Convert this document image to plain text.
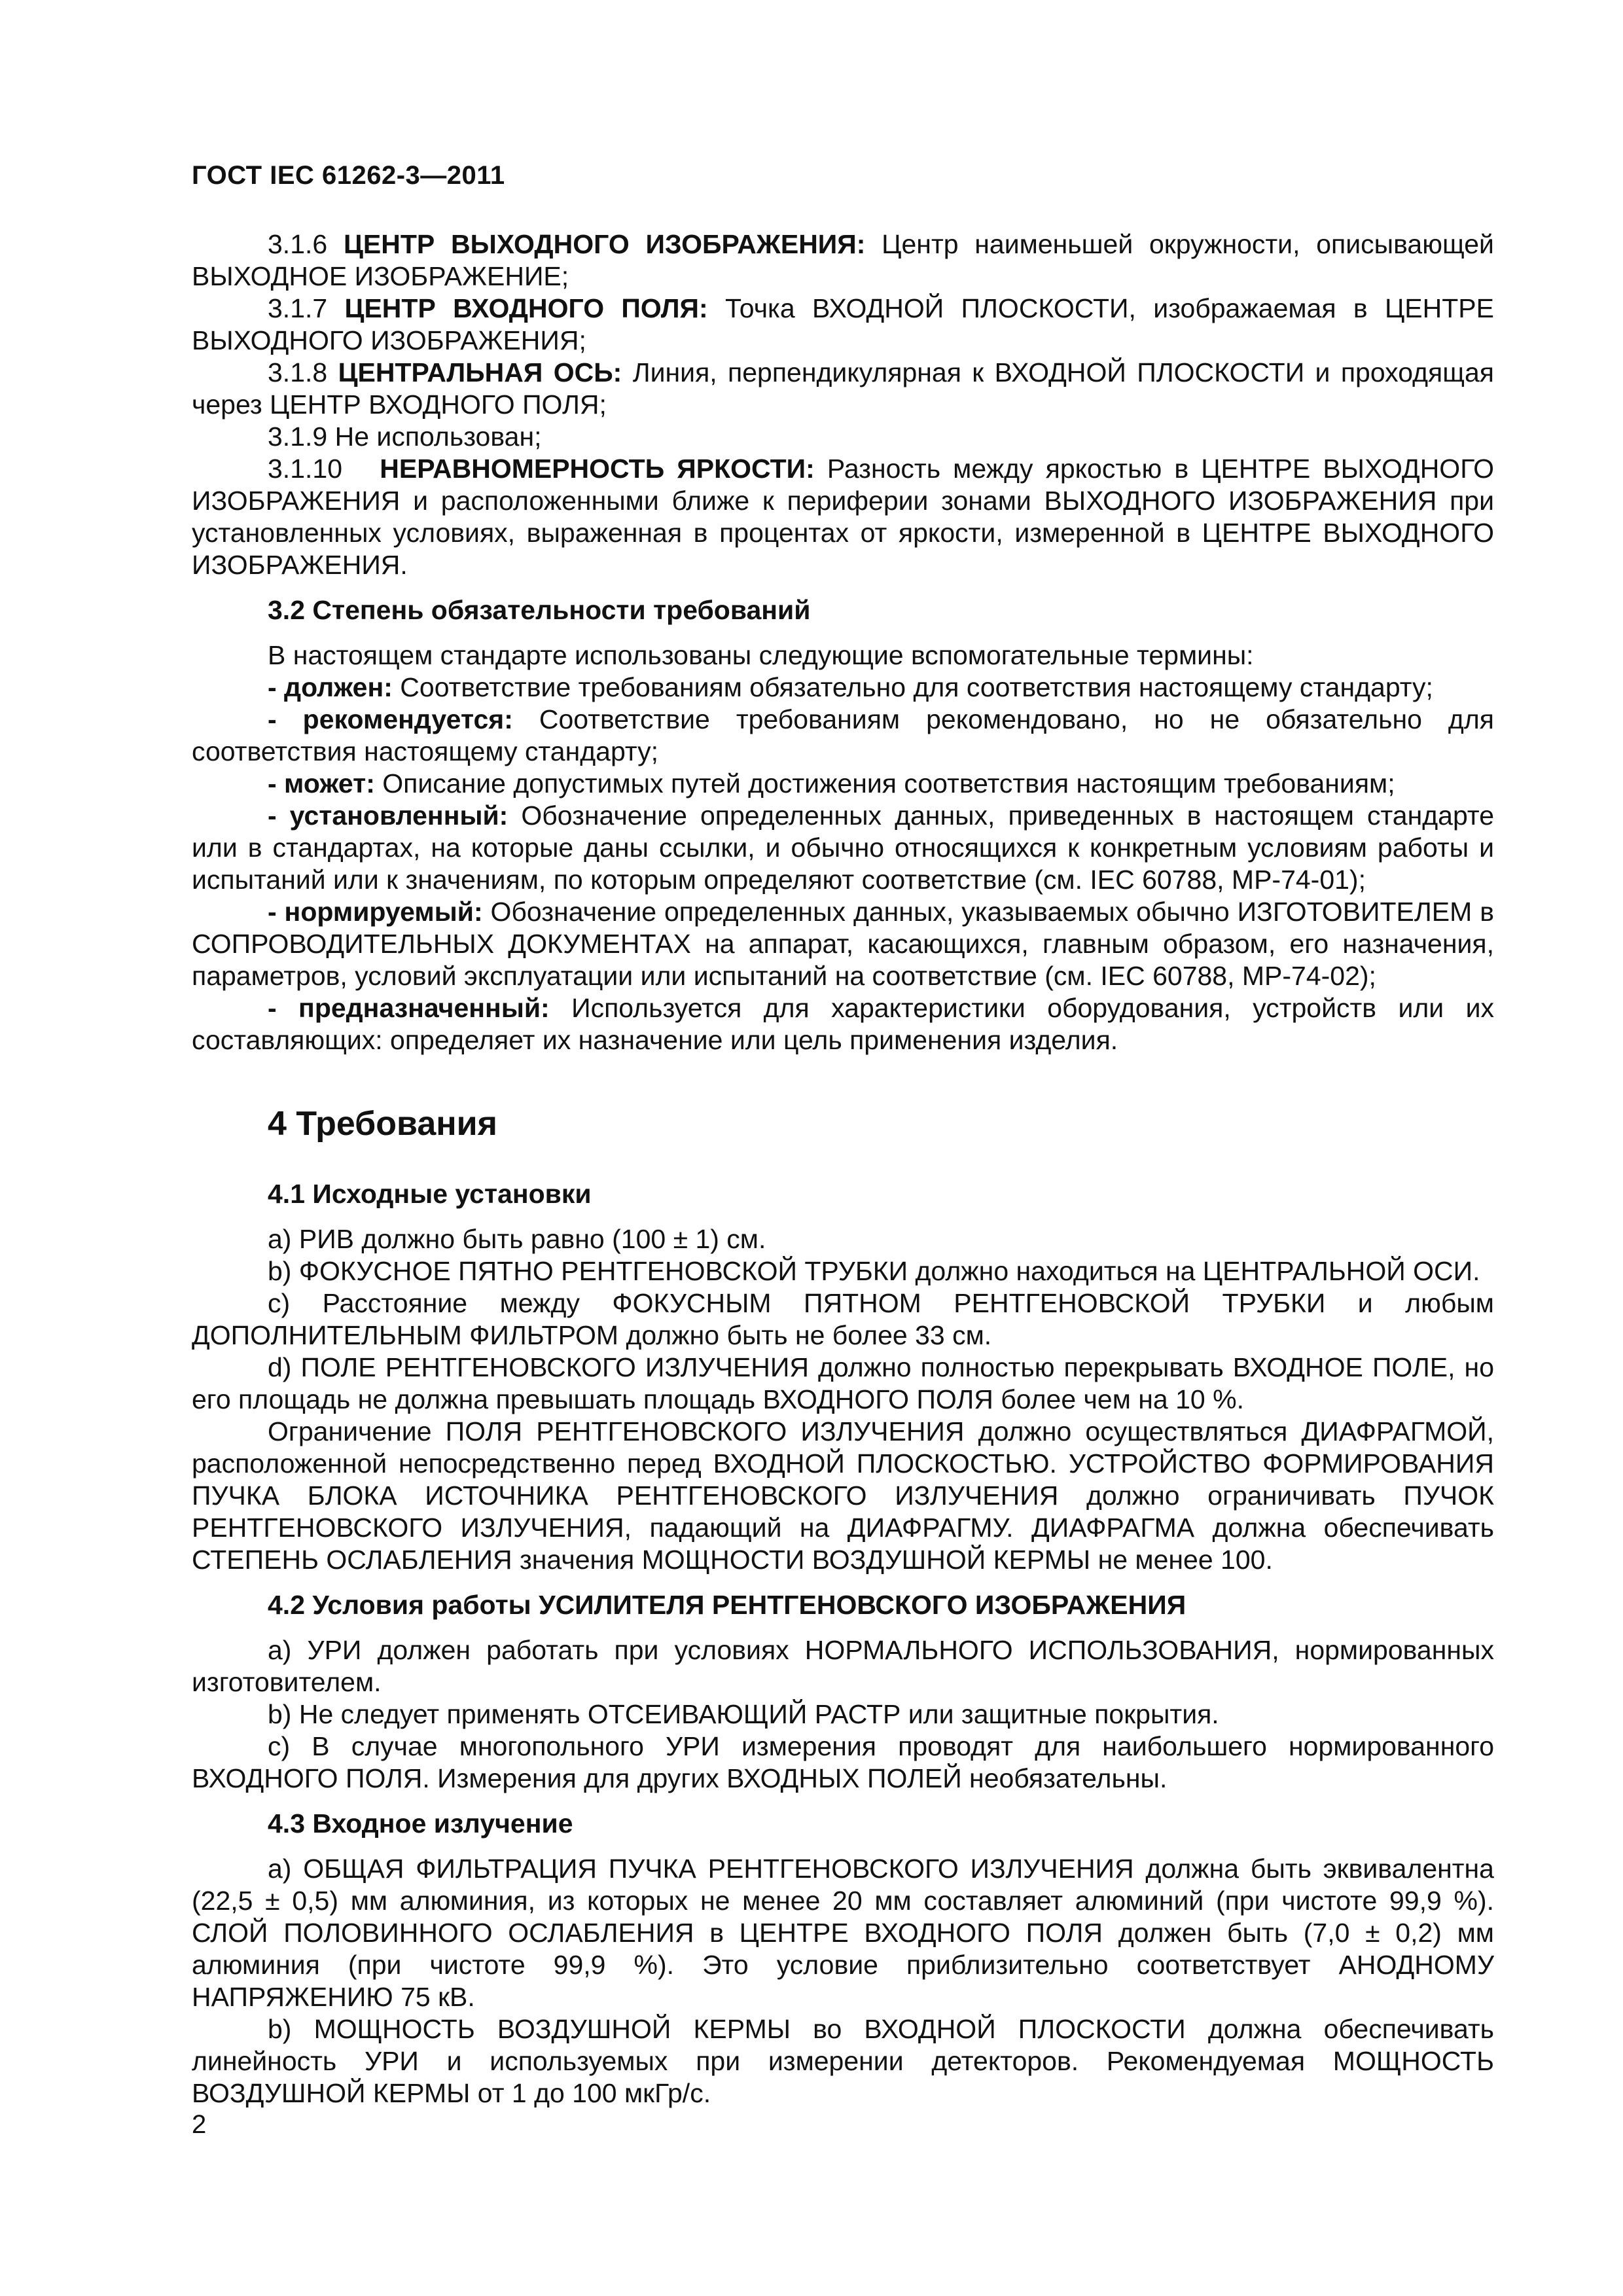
ГОСТ IEC 61262-3—2011

3.1.6 ЦЕНТР ВЫХОДНОГО ИЗОБРАЖЕНИЯ: Центр наименьшей окружности, описывающей ВЫХОДНОЕ ИЗОБРАЖЕНИЕ;

3.1.7 ЦЕНТР ВХОДНОГО ПОЛЯ: Точка ВХОДНОЙ ПЛОСКОСТИ, изображаемая в ЦЕНТРЕ ВЫХОДНОГО ИЗОБРАЖЕНИЯ;

3.1.8 ЦЕНТРАЛЬНАЯ ОСЬ: Линия, перпендикулярная к ВХОДНОЙ ПЛОСКОСТИ и проходящая через ЦЕНТР ВХОДНОГО ПОЛЯ;

3.1.9 Не использован;

3.1.10 НЕРАВНОМЕРНОСТЬ ЯРКОСТИ: Разность между яркостью в ЦЕНТРЕ ВЫХОДНОГО ИЗОБРАЖЕНИЯ и расположенными ближе к периферии зонами ВЫХОДНОГО ИЗОБРАЖЕНИЯ при установленных условиях, выраженная в процентах от яркости, измеренной в ЦЕНТРЕ ВЫХОДНОГО ИЗОБРАЖЕНИЯ.

3.2 Степень обязательности требований

В настоящем стандарте использованы следующие вспомогательные термины:

- должен: Соответствие требованиям обязательно для соответствия настоящему стандарту;

- рекомендуется: Соответствие требованиям рекомендовано, но не обязательно для соответствия настоящему стандарту;

- может: Описание допустимых путей достижения соответствия настоящим требованиям;

- установленный: Обозначение определенных данных, приведенных в настоящем стандарте или в стандартах, на которые даны ссылки, и обычно относящихся к конкретным условиям работы и испытаний или к значениям, по которым определяют соответствие (см. IEC 60788, МР-74-01);

- нормируемый: Обозначение определенных данных, указываемых обычно ИЗГОТОВИТЕЛЕМ в СОПРОВОДИТЕЛЬНЫХ ДОКУМЕНТАХ на аппарат, касающихся, главным образом, его назначения, параметров, условий эксплуатации или испытаний на соответствие (см. IEC 60788, МР-74-02);

- предназначенный: Используется для характеристики оборудования, устройств или их составляющих: определяет их назначение или цель применения изделия.

4 Требования
4.1 Исходные установки

a) РИВ должно быть равно (100 ± 1) см.

b) ФОКУСНОЕ ПЯТНО РЕНТГЕНОВСКОЙ ТРУБКИ должно находиться на ЦЕНТРАЛЬНОЙ ОСИ.

c) Расстояние между ФОКУСНЫМ ПЯТНОМ РЕНТГЕНОВСКОЙ ТРУБКИ и любым ДОПОЛНИТЕЛЬНЫМ ФИЛЬТРОМ должно быть не более 33 см.

d) ПОЛЕ РЕНТГЕНОВСКОГО ИЗЛУЧЕНИЯ должно полностью перекрывать ВХОДНОЕ ПОЛЕ, но его площадь не должна превышать площадь ВХОДНОГО ПОЛЯ более чем на 10 %.

Ограничение ПОЛЯ РЕНТГЕНОВСКОГО ИЗЛУЧЕНИЯ должно осуществляться ДИАФРАГМОЙ, расположенной непосредственно перед ВХОДНОЙ ПЛОСКОСТЬЮ. УСТРОЙСТВО ФОРМИРОВАНИЯ ПУЧКА БЛОКА ИСТОЧНИКА РЕНТГЕНОВСКОГО ИЗЛУЧЕНИЯ должно ограничивать ПУЧОК РЕНТГЕНОВСКОГО ИЗЛУЧЕНИЯ, падающий на ДИАФРАГМУ. ДИАФРАГМА должна обеспечивать СТЕПЕНЬ ОСЛАБЛЕНИЯ значения МОЩНОСТИ ВОЗДУШНОЙ КЕРМЫ не менее 100.

4.2 Условия работы УСИЛИТЕЛЯ РЕНТГЕНОВСКОГО ИЗОБРАЖЕНИЯ

a) УРИ должен работать при условиях НОРМАЛЬНОГО ИСПОЛЬЗОВАНИЯ, нормированных изготовителем.

b) Не следует применять ОТСЕИВАЮЩИЙ РАСТР или защитные покрытия.

c) В случае многопольного УРИ измерения проводят для наибольшего нормированного ВХОДНОГО ПОЛЯ. Измерения для других ВХОДНЫХ ПОЛЕЙ необязательны.

4.3 Входное излучение

a) ОБЩАЯ ФИЛЬТРАЦИЯ ПУЧКА РЕНТГЕНОВСКОГО ИЗЛУЧЕНИЯ должна быть эквивалентна (22,5 ± 0,5) мм алюминия, из которых не менее 20 мм составляет алюминий (при чистоте 99,9 %). СЛОЙ ПОЛОВИННОГО ОСЛАБЛЕНИЯ в ЦЕНТРЕ ВХОДНОГО ПОЛЯ должен быть (7,0 ± 0,2) мм алюминия (при чистоте 99,9 %). Это условие приблизительно соответствует АНОДНОМУ НАПРЯЖЕНИЮ 75 кВ.

b) МОЩНОСТЬ ВОЗДУШНОЙ КЕРМЫ во ВХОДНОЙ ПЛОСКОСТИ должна обеспечивать линейность УРИ и используемых при измерении детекторов. Рекомендуемая МОЩНОСТЬ ВОЗДУШНОЙ КЕРМЫ от 1 до 100 мкГр/с.

2
